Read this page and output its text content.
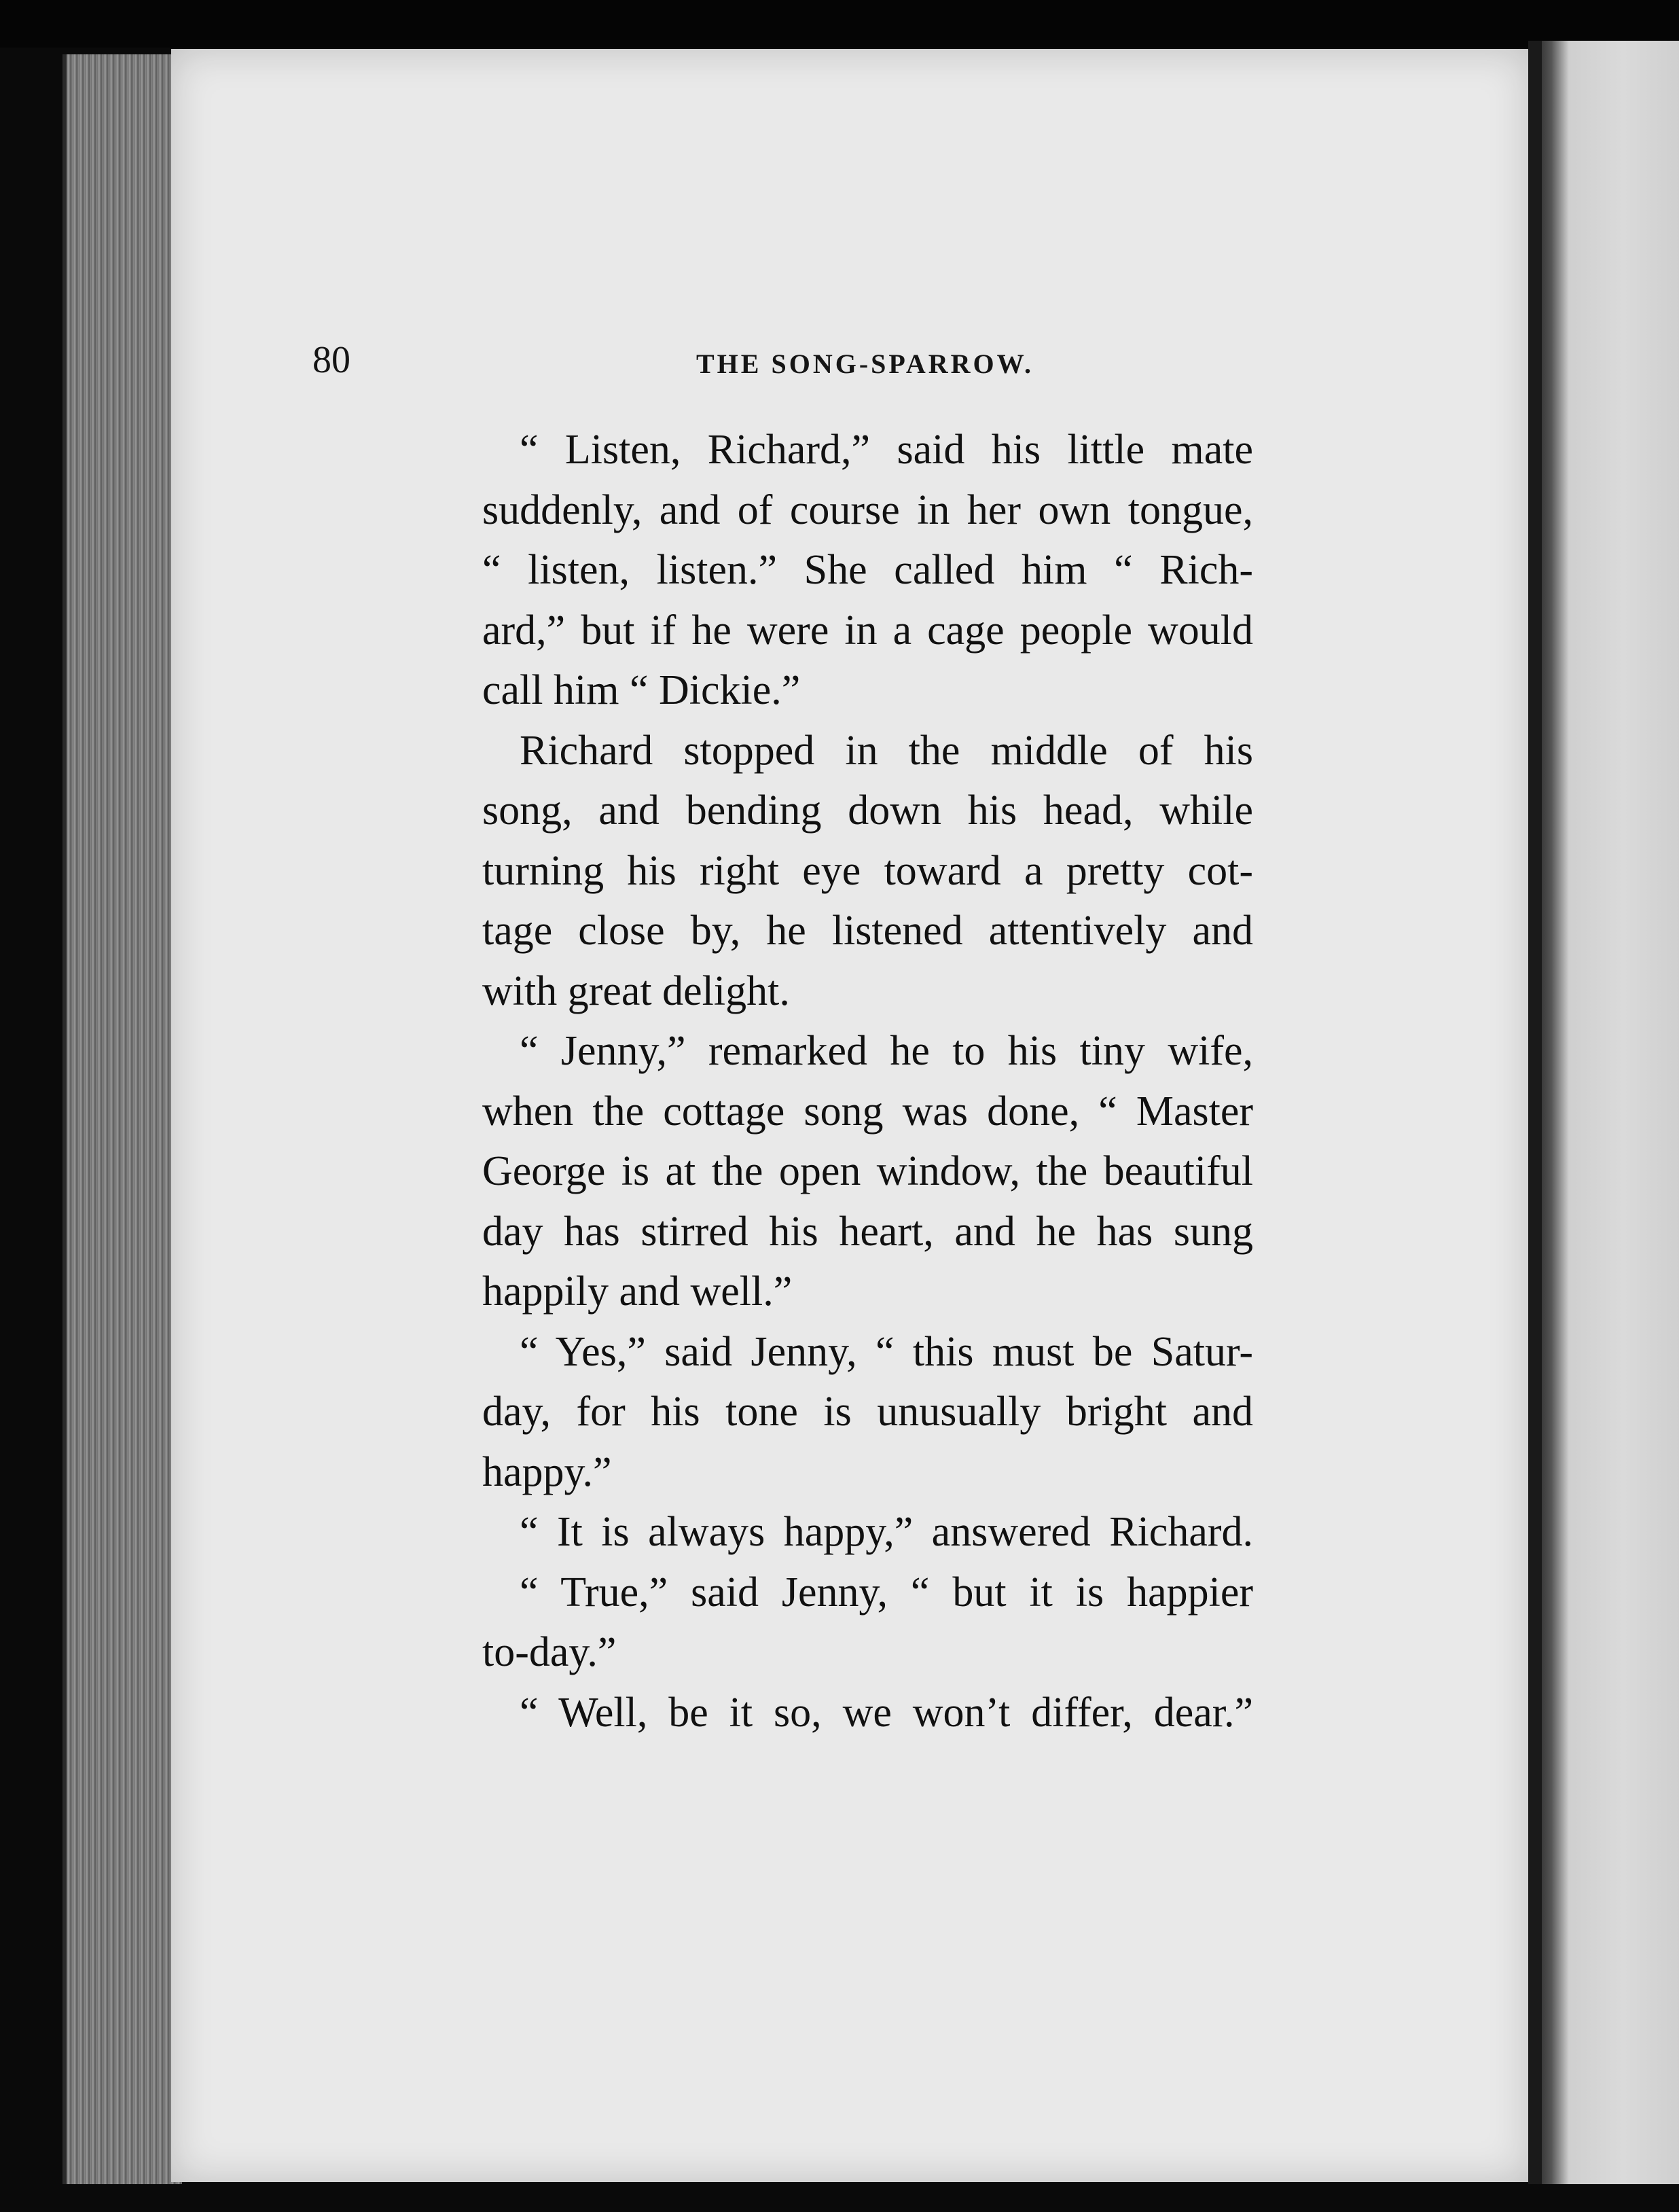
80	THE SONG-SPARROW.
“ Listen, Richard,” said his little mate
suddenly, and of course in her own tongue,
“ listen, listen.” She called him “ Rich-
ard,” but if he were in a cage people would
call him “ Dickie.”
Richard stopped in the middle of his
song, and bending down his head, while
turning his right eye toward a pretty cot-
tage close by, he listened attentively and
with great delight.
“ Jenny,” remarked he to his tiny wife,
when the cottage song was done, “ Master
George is at the open window, the beautiful
day has stirred his heart, and he has sung
happily and well.”
“ Yes,” said Jenny, “ this must be Satur-
day, for his tone is unusually bright and
happy.”
“ It is always happy,” answered Richard.
“ True,” said Jenny, “ but it is happier
to-day.”
“ Well, be it so, we won’t differ, dear.”
